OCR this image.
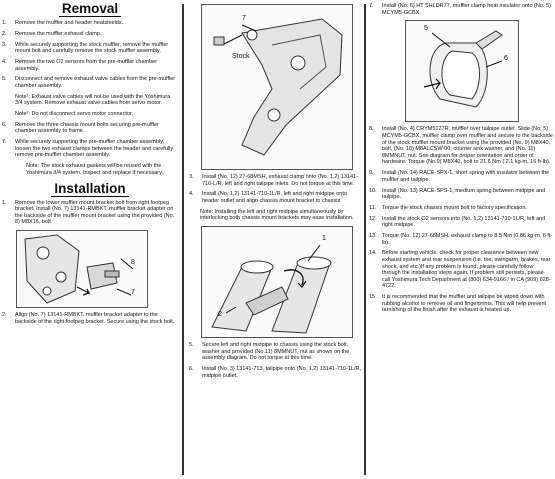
Removal
1. Remove the muffler and header heatshields.
2. Remove the muffler exhaust clamp.
3. While securely supporting the stock muffler, remove the muffler mount bolt and carefully remove the stock muffler assembly.
4. Remove the two O2 sensors from the pre-muffler chamber assembly.
5. Disconnect and remove exhaust valve cables from the pre-muffler chamber assembly.
Note¹: Exhaust valve cables will not be used with the Yoshimura 3/4 system. Remove exhaust valve cables from servo motor.
Note²: Do not disconnect servo motor connector.
6. Remove the three chassis mount bolts securing pre-muffler chamber assembly to frame.
7. While securely supporting the pre-muffler chamber assembly, loosen the two exhaust clamps between the header and carefully remove pre-muffler chamber assembly.
Note: The stock exhaust gaskets will be reused with the Yoshimura 3/4 system. Inspect and replace if necessary.
Installation
1. Remove the lower muffler mount bracket bolt from right footpeg bracket. Install (No. 7) 13141-RMBKT, muffler bracket adapter on the backside of the muffler mount bracket using the provided (No. 8) M8X16, bolt.
8
7
2. Align (No. 7) 13141-RMBKT, muffler bracket adapter to the backside of the right footpeg bracket. Secure using the stock bolt.
7
Stock
3. Install (No. 12) 27-68MSH, exhaust clamp onto (No. 1,2) 13141-710-L/R, left and right tailpipe inlets. Do not torque at this time.
4. Install (No. 1,2) 13141-710-1L/R, left and right midpipe onto header outlet and align chassis mount bracket to chassis.
Note: Installing the left and right midpipe simultaneously by interlocking both chassis mount brackets may ease installation.
1
2
5. Secure left and right midpipe to chassis using the stock bolt, washer and provided (No.11) 8MMNUT, nut as shown on the assembly diagram. Do not torque at this time.
6. Install (No. 3) 13141-713, tailpipe onto (No. 1,2) 13141-710-1L/R, midpipe outlet.
7. Install (No. 6) HT SHLDR77, muffler clamp heat insulator onto (No. 5) MCYM5-GCBX.
5
6
8. Install (No. 4) CRYM5127R, muffler over tailpipe outlet. Slide (No. 5) MCYM5-GCBX, muffler clamp over muffler and secure to the backside of the stock muffler mount bracket using the provided (No. 9) M8X40, bolt, (No. 10) M8ALCSW-00, counter sink washer, and (No. 11) 8MMNUT, nut. See diagram for proper orientation and order of hardware. Torque (No.9) M8X40, bolt to 21.6 Nm ( 2.1 kg-m, 16 ft-lb).
9. Install (No. 14) RACE-SPX-1, short spring with insulator between the muffler and tailpipe.
10. Install (No. 13) RACE-SPS-1, medium spring between midpipe and tailpipe.
11. Torque the stock chassis mount bolt to factory specification.
12. Install the stock O2 sensors into (No. 1,2) 13141-710-1L/R, left and right midpipe.
13. Torque (No. 12) 27-68MSH, exhaust clamp to 8.5 Nm (0.86 kg-m, 6 ft-lb).
14. Before starting vehicle, check for proper clearance between new exhaust system and rear suspension (i.e. tire, swingarm, brakes, rear shock, and etc.)If any problem is found, please carefully follow through the installation steps again. If problem still persists, please call Yoshimura Tech Department at (800) 634-9166 / in CA (909) 628-4722.
15. It is recommended that the muffler and tailpipe be wiped down with rubbing alcohol to remove oil and fingerprints. This will help prevent tarnishing of the finish after the exhaust is heated up.
